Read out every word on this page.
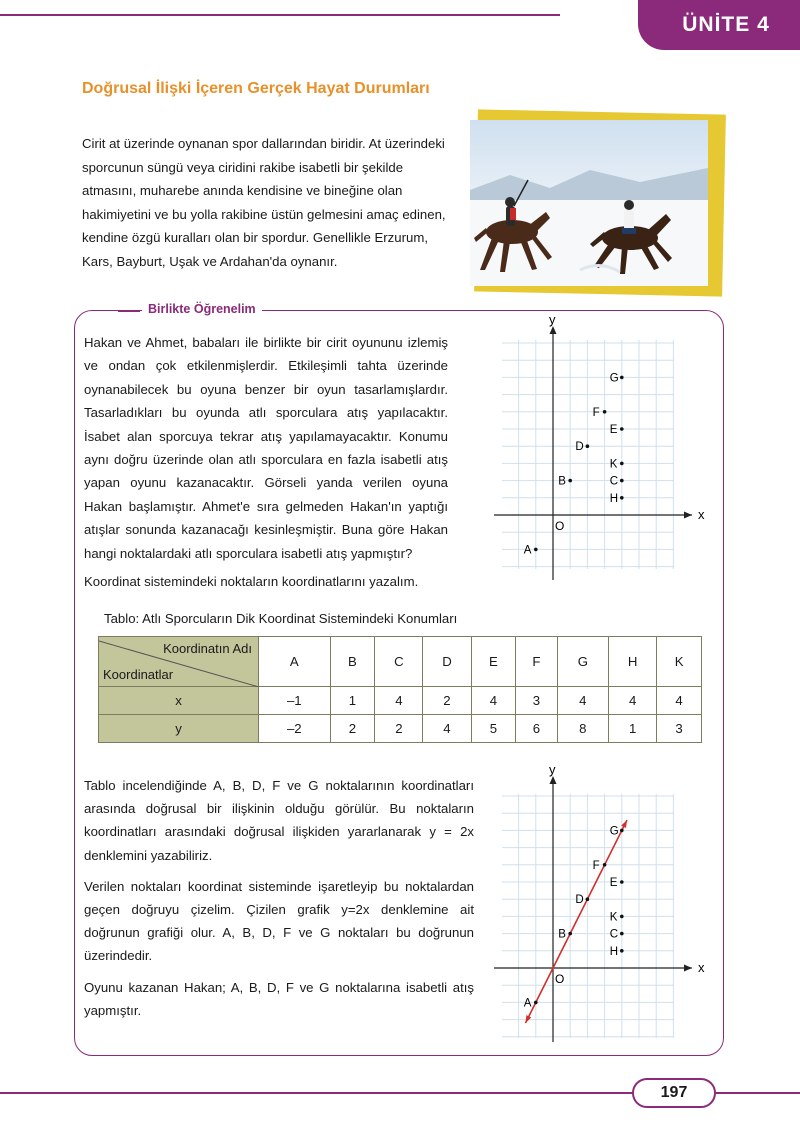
ÜNİTE 4
Doğrusal İlişki İçeren Gerçek Hayat Durumları
Cirit at üzerinde oynanan spor dallarından biridir. At üzerindeki sporcunun süngü veya ciridini rakibe isabetli bir şekilde atmasını, muharebe anında kendisine ve bineğine olan hakimiyetini ve bu yolla rakibine üstün gelmesini amaç edinen, kendine özgü kuralları olan bir spordur. Genellikle Erzurum, Kars, Bayburt, Uşak ve Ardahan'da oynanır.
Birlikte Öğrenelim
Hakan ve Ahmet, babaları ile birlikte bir cirit oyununu izlemiş ve ondan çok etkilenmişlerdir. Etkileşimli tahta üzerinde oynanabilecek bu oyuna benzer bir oyun tasarlamışlardır. Tasarladıkları bu oyunda atlı sporculara atış yapılacaktır. İsabet alan sporcuya tekrar atış yapılamayacaktır. Konumu aynı doğru üzerinde olan atlı sporculara en fazla isabetli atış yapan oyunu kazanacaktır. Görseli yanda verilen oyuna Hakan başlamıştır. Ahmet'e sıra gelmeden Hakan'ın yaptığı atışlar sonunda kazanacağı kesinleşmiştir. Buna göre Hakan hangi noktalardaki atlı sporculara isabetli atış yapmıştır?
Koordinat sistemindeki noktaların koordinatlarını yazalım.
x
y
O
A
B	C
D
E
F
G
H
K
Tablo: Atlı Sporcuların Dik Koordinat Sistemindeki Konumları
Koordinatın Adı
Koordinatlar	A	B	C	D	E	F	G	H	K
x	–1	1	4	2	4	3	4	4	4
y	–2	2	2	4	5	6	8	1	3

Tablo incelendiğinde A, B, D, F ve G noktalarının koordinatları arasında doğrusal bir ilişkinin olduğu görülür. Bu noktaların koordinatları arasındaki doğrusal ilişkiden yararlanarak y = 2x denklemini yazabiliriz.

Verilen noktaları koordinat sisteminde işaretleyip bu noktalardan geçen doğruyu çizelim. Çizilen grafik y=2x denklemine ait doğrunun grafiği olur. A, B, D, F ve G noktaları bu doğrunun üzerindedir.

Oyunu kazanan Hakan; A, B, D, F ve G noktalarına isabetli atış yapmıştır.

x
y
O
A
B	C
D
E
F
G
H
K
197
